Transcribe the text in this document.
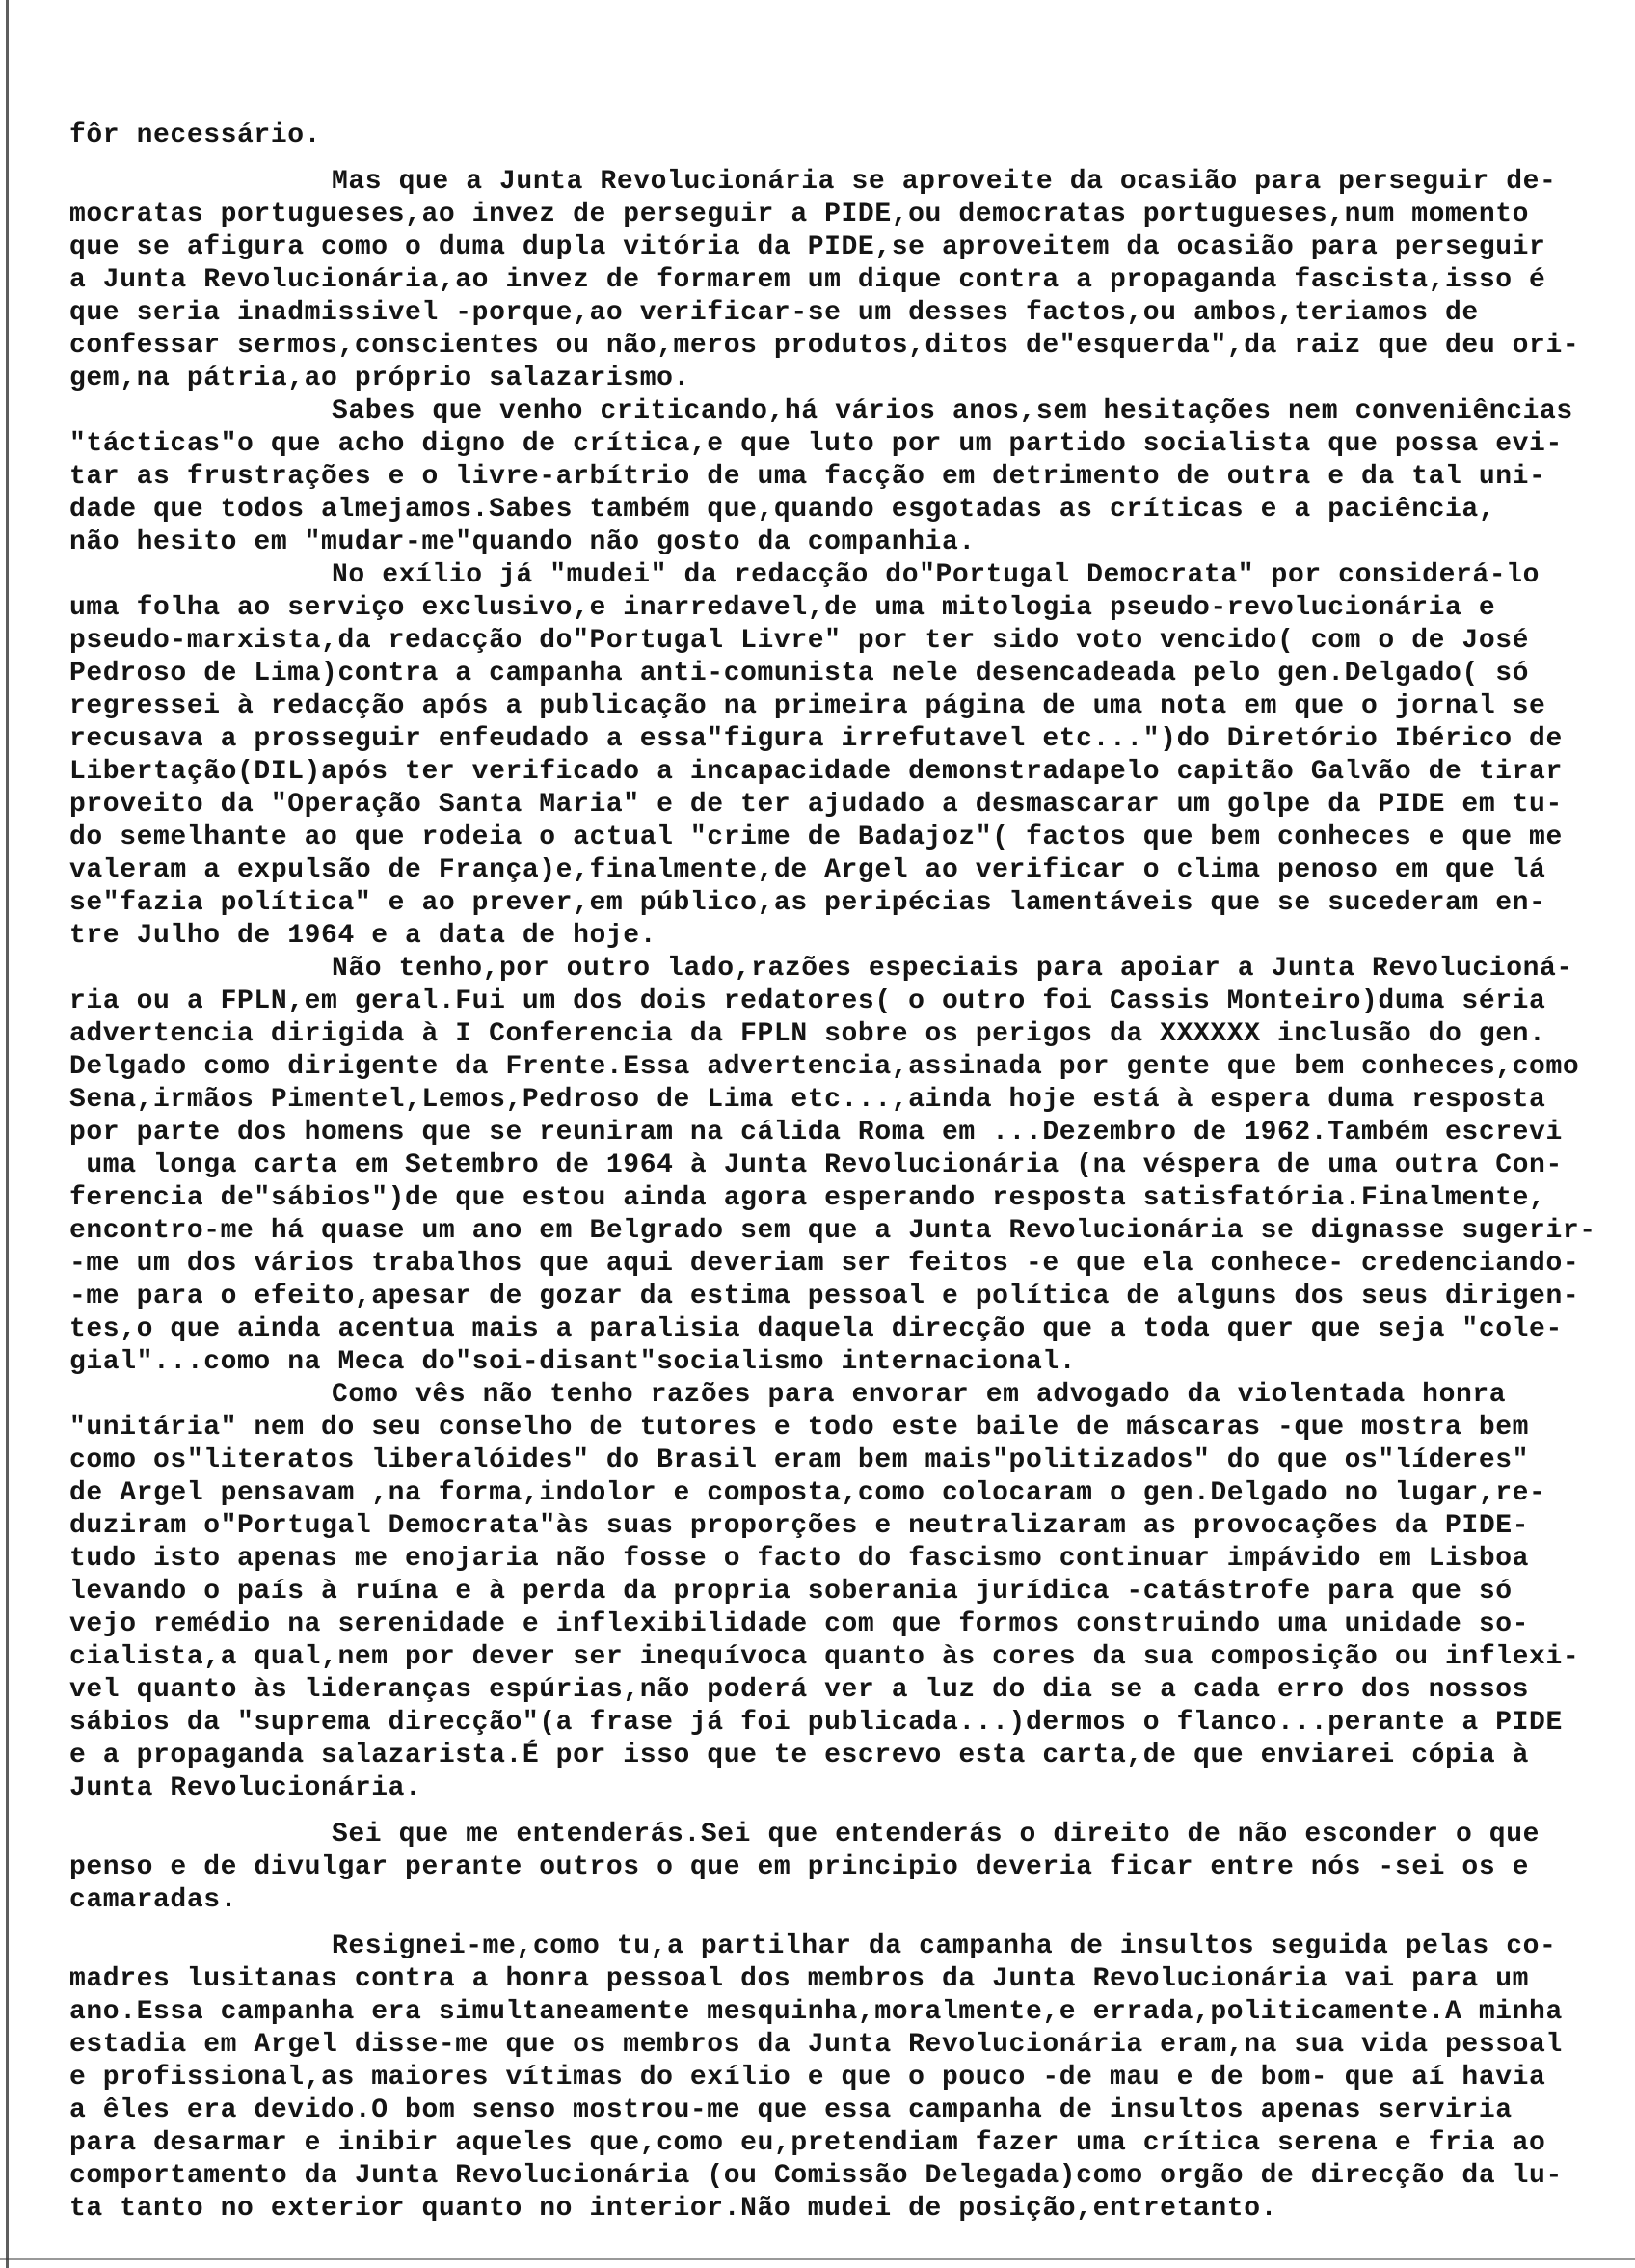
fôr necessário.
Mas que a Junta Revolucionária se aproveite da ocasião para perseguir de-
mocratas portugueses,ao invez de perseguir a PIDE,ou democratas portugueses,num momento
que se afigura como o duma dupla vitória da PIDE,se aproveitem da ocasião para perseguir
a Junta Revolucionária,ao invez de formarem um dique contra a propaganda fascista,isso é
que seria inadmissivel -porque,ao verificar-se um desses factos,ou ambos,teriamos de
confessar sermos,conscientes ou não,meros produtos,ditos de"esquerda",da raiz que deu ori-
gem,na pátria,ao próprio salazarismo.
Sabes que venho criticando,há vários anos,sem hesitações nem conveniências
"tácticas"o que acho digno de crítica,e que luto por um partido socialista que possa evi-
tar as frustrações e o livre-arbítrio de uma facção em detrimento de outra e da tal uni-
dade que todos almejamos.Sabes também que,quando esgotadas as críticas e a paciência,
não hesito em "mudar-me"quando não gosto da companhia.
No exílio já "mudei" da redacção do"Portugal Democrata" por considerá-lo
uma folha ao serviço exclusivo,e inarredavel,de uma mitologia pseudo-revolucionária e
pseudo-marxista,da redacção do"Portugal Livre" por ter sido voto vencido( com o de José
Pedroso de Lima)contra a campanha anti-comunista nele desencadeada pelo gen.Delgado( só
regressei à redacção após a publicação na primeira página de uma nota em que o jornal se
recusava a prosseguir enfeudado a essa"figura irrefutavel etc...")do Diretório Ibérico de
Libertação(DIL)após ter verificado a incapacidade demonstradapelo capitão Galvão de tirar
proveito da "Operação Santa Maria" e de ter ajudado a desmascarar um golpe da PIDE em tu-
do semelhante ao que rodeia o actual "crime de Badajoz"( factos que bem conheces e que me
valeram a expulsão de França)e,finalmente,de Argel ao verificar o clima penoso em que lá
se"fazia política" e ao prever,em público,as peripécias lamentáveis que se sucederam en-
tre Julho de 1964 e a data de hoje.
Não tenho,por outro lado,razões especiais para apoiar a Junta Revolucioná-
ria ou a FPLN,em geral.Fui um dos dois redatores( o outro foi Cassis Monteiro)duma séria
advertencia dirigida à I Conferencia da FPLN sobre os perigos da XXXXXX inclusão do gen.
Delgado como dirigente da Frente.Essa advertencia,assinada por gente que bem conheces,como
Sena,irmãos Pimentel,Lemos,Pedroso de Lima etc...,ainda hoje está à espera duma resposta
por parte dos homens que se reuniram na cálida Roma em ...Dezembro de 1962.Também escrevi
uma longa carta em Setembro de 1964 à Junta Revolucionária (na véspera de uma outra Con-
ferencia de"sábios")de que estou ainda agora esperando resposta satisfatória.Finalmente,
encontro-me há quase um ano em Belgrado sem que a Junta Revolucionária se dignasse sugerir-
-me um dos vários trabalhos que aqui deveriam ser feitos -e que ela conhece- credenciando-
-me para o efeito,apesar de gozar da estima pessoal e política de alguns dos seus dirigen-
tes,o que ainda acentua mais a paralisia daquela direcção que a toda quer que seja "cole-
gial"...como na Meca do"soi-disant"socialismo internacional.
Como vês não tenho razões para envorar em advogado da violentada honra
"unitária" nem do seu conselho de tutores e todo este baile de máscaras -que mostra bem
como os"literatos liberalóides" do Brasil eram bem mais"politizados" do que os"líderes"
de Argel pensavam ,na forma,indolor e composta,como colocaram o gen.Delgado no lugar,re-
duziram o"Portugal Democrata"às suas proporções e neutralizaram as provocações da PIDE-
tudo isto apenas me enojaria não fosse o facto do fascismo continuar impávido em Lisboa
levando o país à ruína e à perda da propria soberania jurídica -catástrofe para que só
vejo remédio na serenidade e inflexibilidade com que formos construindo uma unidade so-
cialista,a qual,nem por dever ser inequívoca quanto às cores da sua composição ou inflexi-
vel quanto às lideranças espúrias,não poderá ver a luz do dia se a cada erro dos nossos
sábios da "suprema direcção"(a frase já foi publicada...)dermos o flanco...perante a PIDE
e a propaganda salazarista.É por isso que te escrevo esta carta,de que enviarei cópia à
Junta Revolucionária.
Sei que me entenderás.Sei que entenderás o direito de não esconder o que
penso e de divulgar perante outros o que em principio deveria ficar entre nós -sei os e
camaradas.
Resignei-me,como tu,a partilhar da campanha de insultos seguida pelas co-
madres lusitanas contra a honra pessoal dos membros da Junta Revolucionária vai para um
ano.Essa campanha era simultaneamente mesquinha,moralmente,e errada,politicamente.A minha
estadia em Argel disse-me que os membros da Junta Revolucionária eram,na sua vida pessoal
e profissional,as maiores vítimas do exílio e que o pouco -de mau e de bom- que aí havia
a êles era devido.O bom senso mostrou-me que essa campanha de insultos apenas serviria
para desarmar e inibir aqueles que,como eu,pretendiam fazer uma crítica serena e fria ao
comportamento da Junta Revolucionária (ou Comissão Delegada)como orgão de direcção da lu-
ta tanto no exterior quanto no interior.Não mudei de posição,entretanto.
